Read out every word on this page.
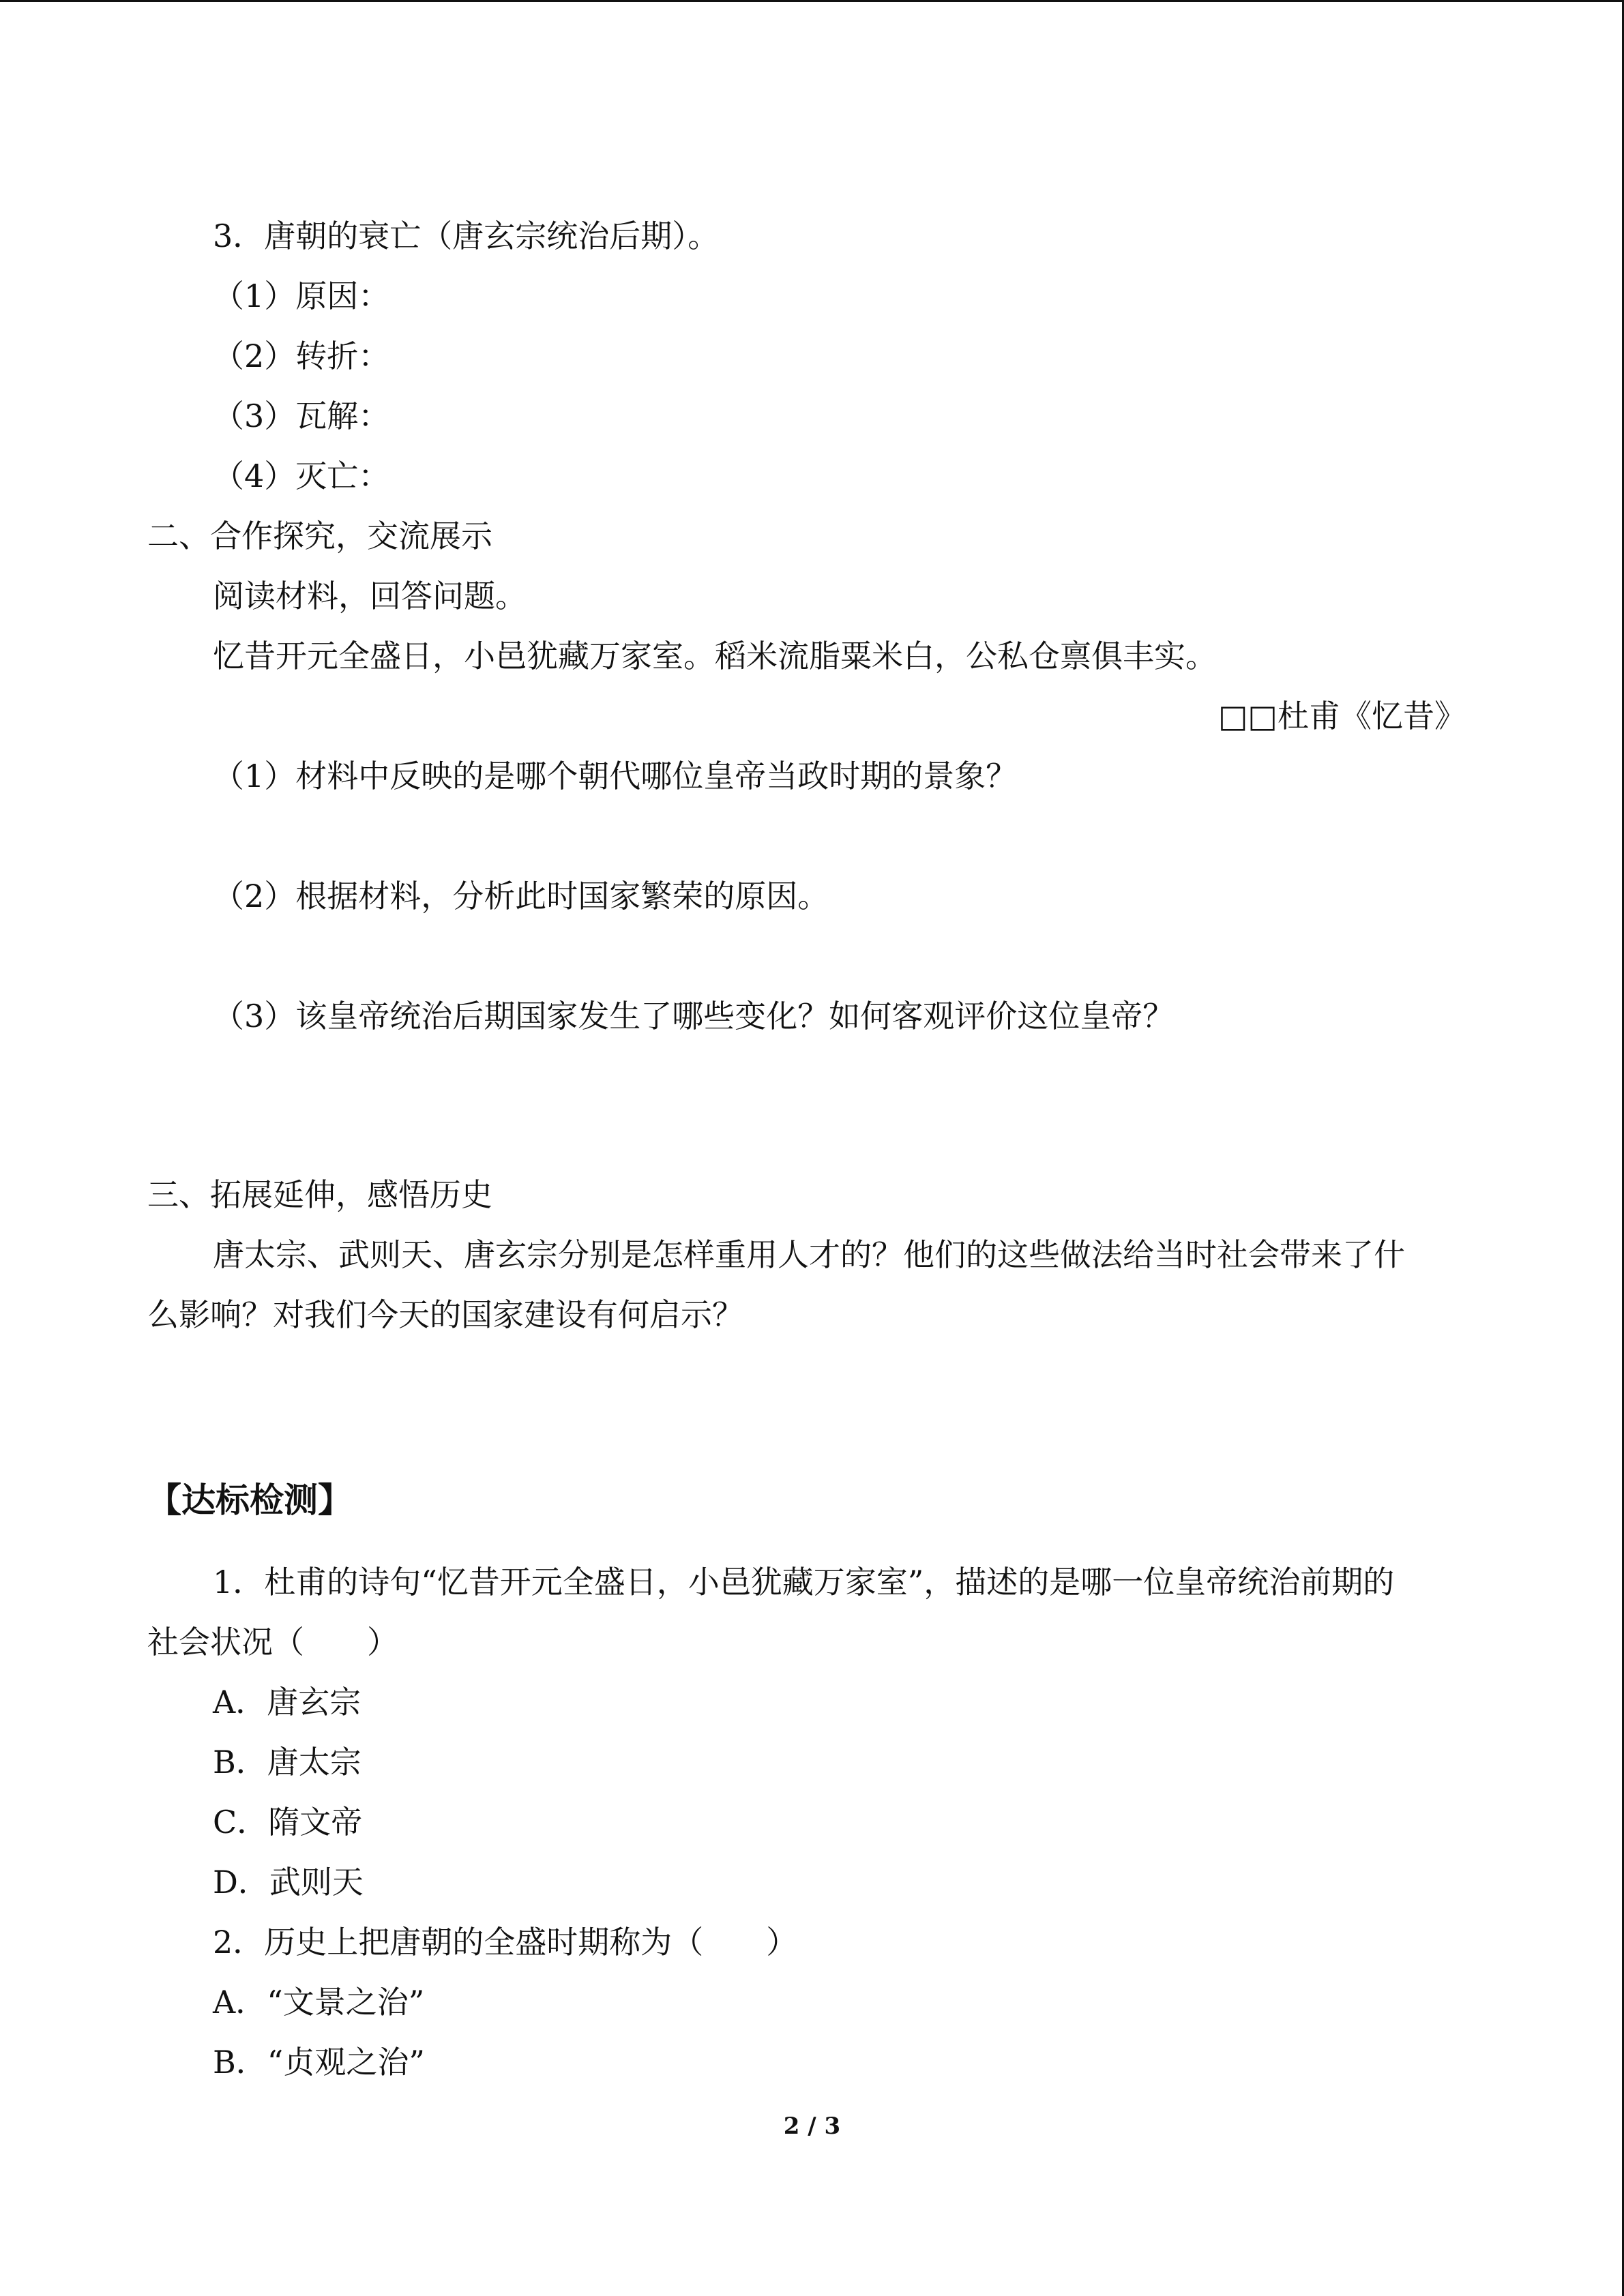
3．唐朝的衰亡（唐玄宗统治后期）。

（1）原因：

（2）转折：

（3）瓦解：

（4）灭亡：

二、合作探究，交流展示

阅读材料，回答问题。

忆昔开元全盛日，小邑犹藏万家室。稻米流脂粟米白，公私仓禀俱丰实。

□□杜甫《忆昔》

（1）材料中反映的是哪个朝代哪位皇帝当政时期的景象？

（2）根据材料，分析此时国家繁荣的原因。

（3）该皇帝统治后期国家发生了哪些变化？如何客观评价这位皇帝？

三、拓展延伸，感悟历史

唐太宗、武则天、唐玄宗分别是怎样重用人才的？他们的这些做法给当时社会带来了什

么影响？对我们今天的国家建设有何启示？

【达标检测】

1．杜甫的诗句“忆昔开元全盛日，小邑犹藏万家室”，描述的是哪一位皇帝统治前期的

社会状况（　　）

A．唐玄宗

B．唐太宗

C．隋文帝

D．武则天

2．历史上把唐朝的全盛时期称为（　　）

A．“文景之治”

B．“贞观之治”

2 / 3
